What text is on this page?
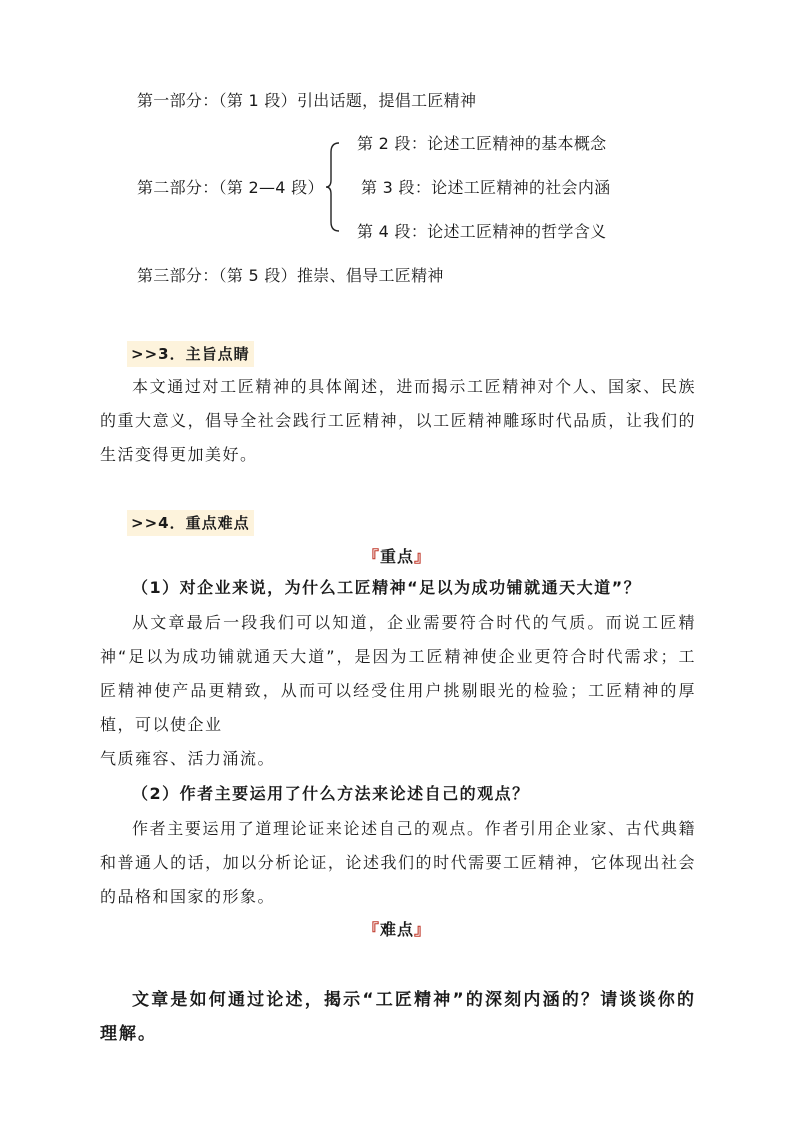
第一部分：（第 1 段）引出话题，提倡工匠精神
第二部分：（第 2—4 段）
第 2 段：论述工匠精神的基本概念
第 3 段：论述工匠精神的社会内涵
第 4 段：论述工匠精神的哲学含义
第三部分：（第 5 段）推崇、倡导工匠精神
>>3．主旨点睛

本文通过对工匠精神的具体阐述，进而揭示工匠精神对个人、国家、民族的重大意义，倡导全社会践行工匠精神，以工匠精神雕琢时代品质，让我们的生活变得更加美好。

>>4．重点难点
『重点』
（1）对企业来说，为什么工匠精神“足以为成功铺就通天大道”？

从文章最后一段我们可以知道，企业需要符合时代的气质。而说工匠精神“足以为成功铺就通天大道”，是因为工匠精神使企业更符合时代需求；工匠精神使产品更精致，从而可以经受住用户挑剔眼光的检验；工匠精神的厚植，可以使企业

气质雍容、活力涌流。

（2）作者主要运用了什么方法来论述自己的观点？

作者主要运用了道理论证来论述自己的观点。作者引用企业家、古代典籍和普通人的话，加以分析论证，论述我们的时代需要工匠精神，它体现出社会的品格和国家的形象。

『难点』

文章是如何通过论述，揭示“工匠精神”的深刻内涵的？请谈谈你的理解。
